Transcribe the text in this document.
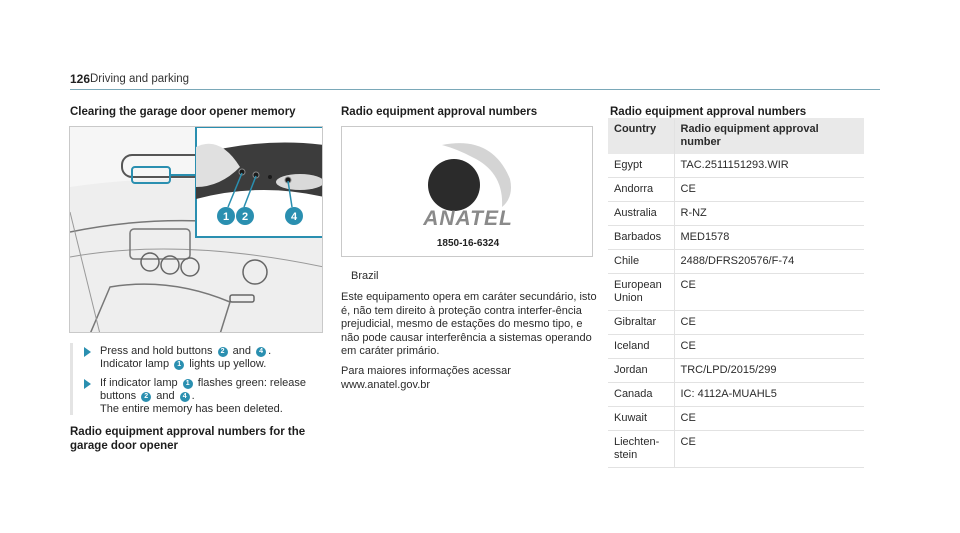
126 Driving and parking
Clearing the garage door opener memory
1 2	4
Press and hold buttons 2 and 4 .
Indicator lamp 1 lights up yellow.
If indicator lamp 1 flashes green: release buttons 2 and 4 .
The entire memory has been deleted.
Radio equipment approval numbers for the garage door opener
Radio equipment approval numbers
ANATEL
1850-16-6324
Brazil
Este equipamento opera em caráter secundário, isto é, não tem direito à proteção contra interfer-ência prejudicial, mesmo de estações do mesmo tipo, e não pode causar interferência a sistemas operando em caráter primário.
Para maiores informações acessar www.anatel.gov.br
Radio equipment approval numbers
Country	Radio equipment approval number
Egypt	TAC.2511151293.WIR
Andorra	CE
Australia	R-NZ
Barbados	MED1578
Chile	2488/DFRS20576/F-74
European Union	CE
Gibraltar	CE
Iceland	CE
Jordan	TRC/LPD/2015/299
Canada	IC: 4112A-MUAHL5
Kuwait	CE
Liechten-stein	CE
